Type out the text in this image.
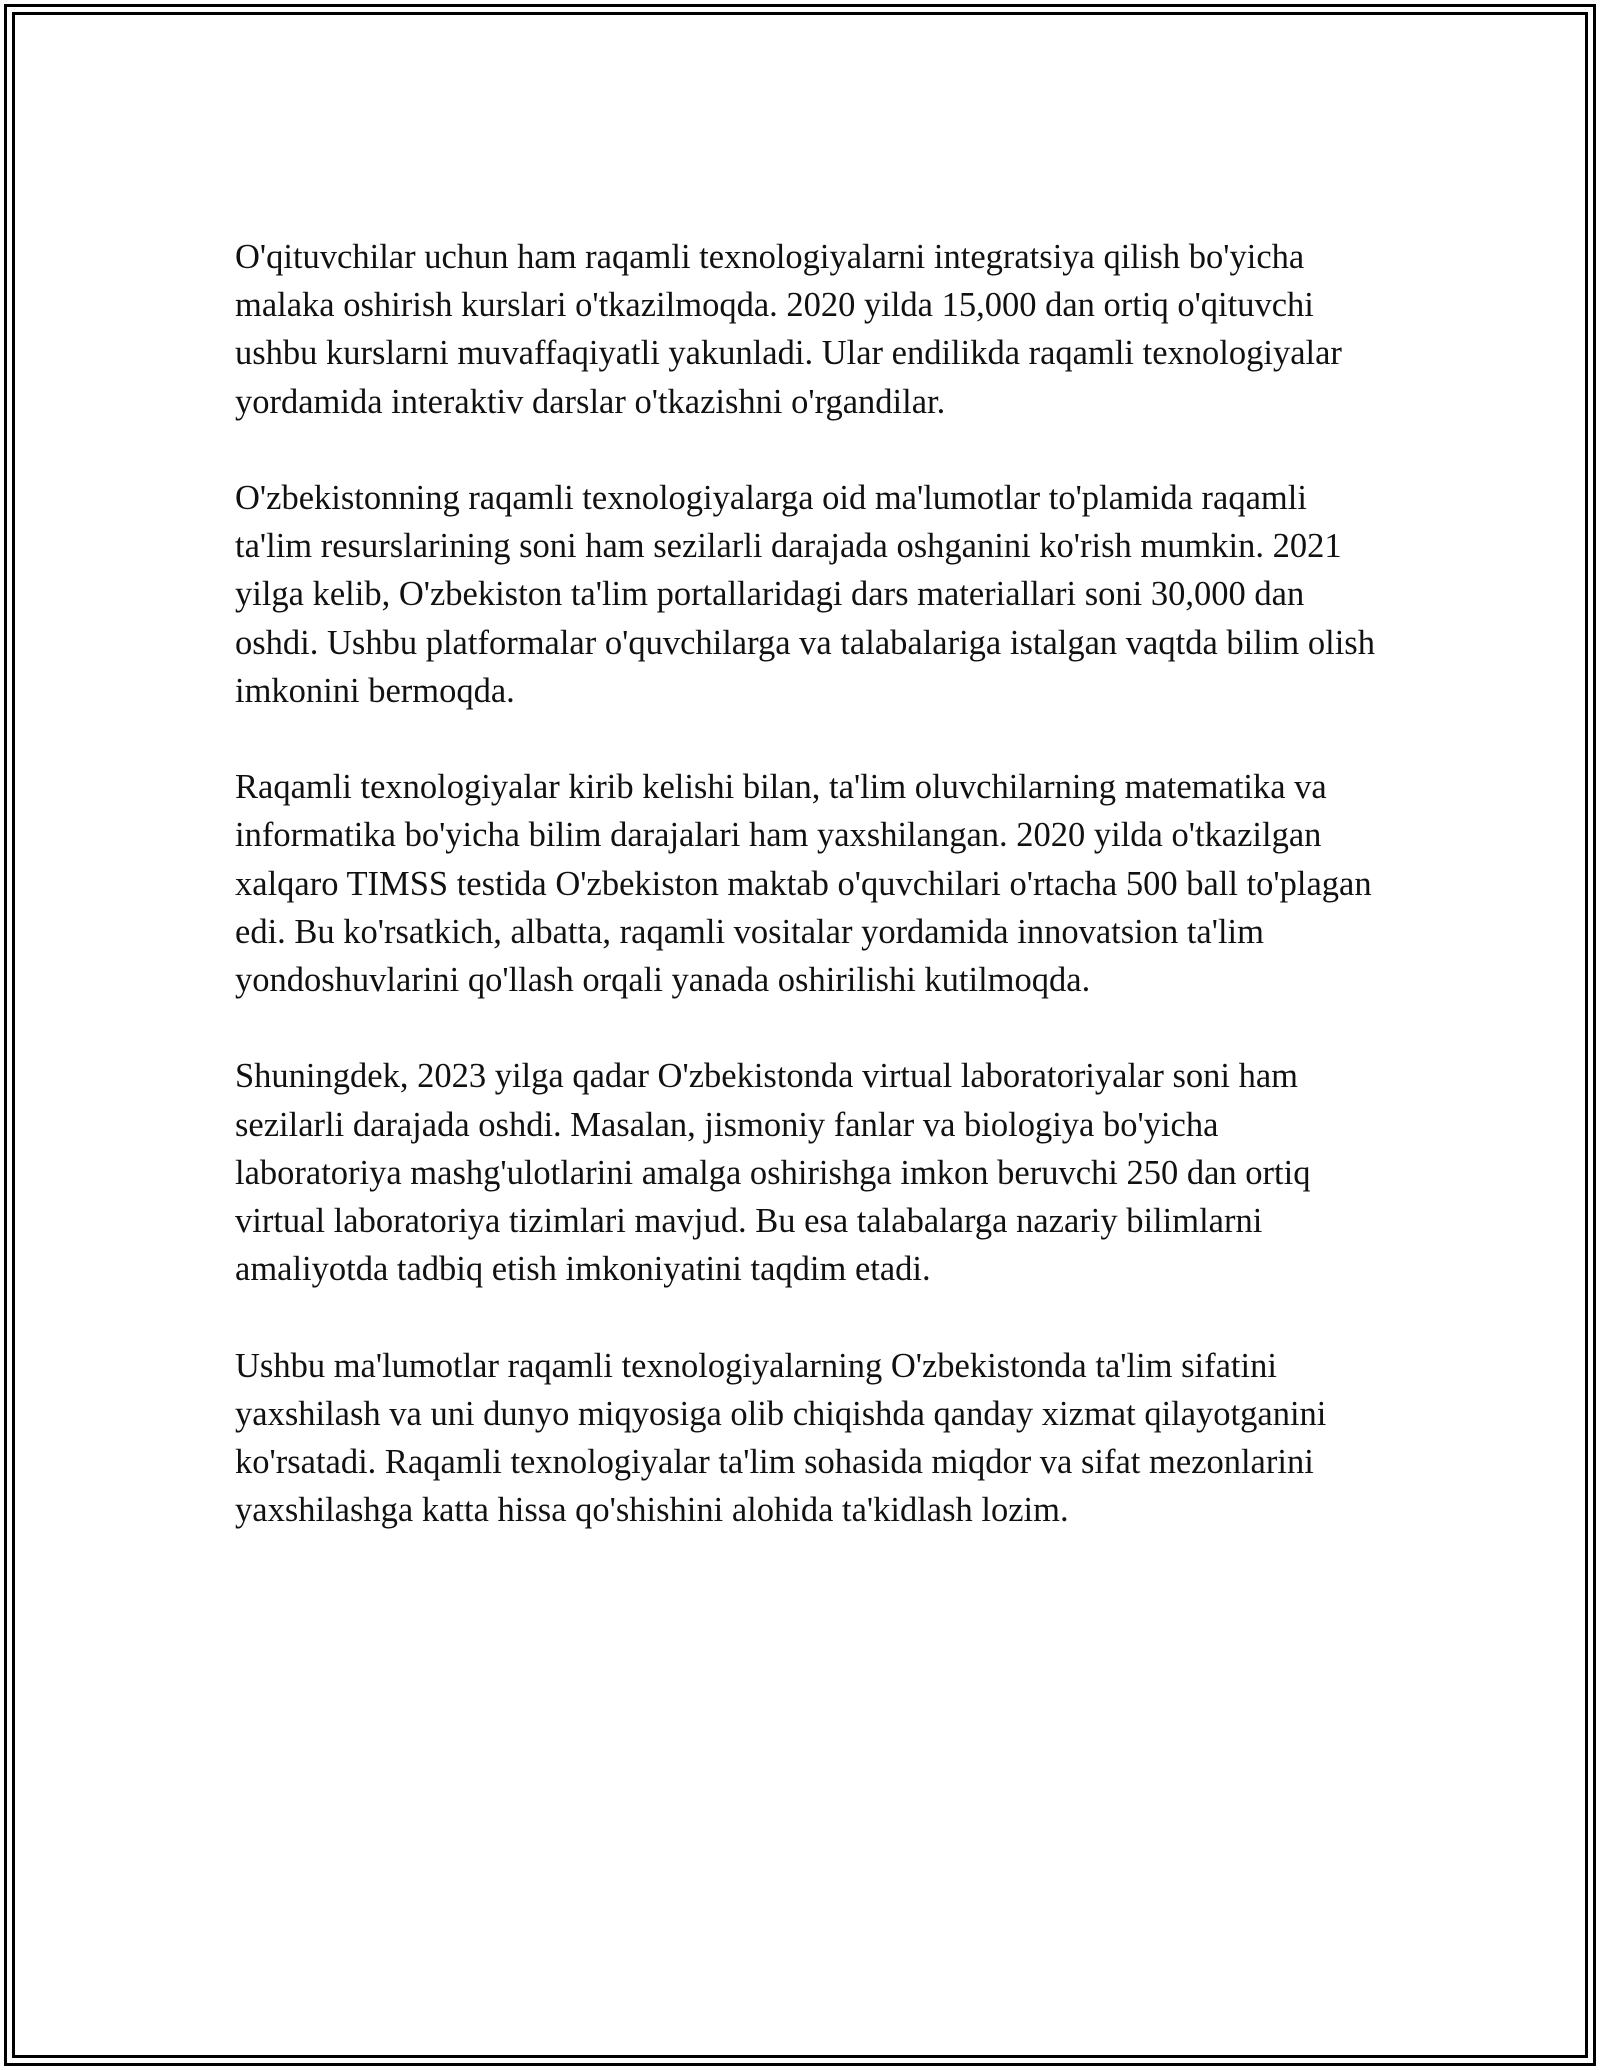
O'qituvchilar uchun ham raqamli texnologiyalarni integratsiya qilish bo'yicha malaka oshirish kurslari o'tkazilmoqda. 2020 yilda 15,000 dan ortiq o'qituvchi ushbu kurslarni muvaffaqiyatli yakunladi. Ular endilikda raqamli texnologiyalar yordamida interaktiv darslar o'tkazishni o'rgandilar.

O'zbekistonning raqamli texnologiyalarga oid ma'lumotlar to'plamida raqamli ta'lim resurslarining soni ham sezilarli darajada oshganini ko'rish mumkin. 2021 yilga kelib, O'zbekiston ta'lim portallaridagi dars materiallari soni 30,000 dan oshdi. Ushbu platformalar o'quvchilarga va talabalariga istalgan vaqtda bilim olish imkonini bermoqda.

Raqamli texnologiyalar kirib kelishi bilan, ta'lim oluvchilarning matematika va informatika bo'yicha bilim darajalari ham yaxshilangan. 2020 yilda o'tkazilgan xalqaro TIMSS testida O'zbekiston maktab o'quvchilari o'rtacha 500 ball to'plagan edi. Bu ko'rsatkich, albatta, raqamli vositalar yordamida innovatsion ta'lim yondoshuvlarini qo'llash orqali yanada oshirilishi kutilmoqda.

Shuningdek, 2023 yilga qadar O'zbekistonda virtual laboratoriyalar soni ham sezilarli darajada oshdi. Masalan, jismoniy fanlar va biologiya bo'yicha laboratoriya mashg'ulotlarini amalga oshirishga imkon beruvchi 250 dan ortiq virtual laboratoriya tizimlari mavjud. Bu esa talabalarga nazariy bilimlarni amaliyotda tadbiq etish imkoniyatini taqdim etadi.

Ushbu ma'lumotlar raqamli texnologiyalarning O'zbekistonda ta'lim sifatini yaxshilash va uni dunyo miqyosiga olib chiqishda qanday xizmat qilayotganini ko'rsatadi. Raqamli texnologiyalar ta'lim sohasida miqdor va sifat mezonlarini yaxshilashga katta hissa qo'shishini alohida ta'kidlash lozim.
